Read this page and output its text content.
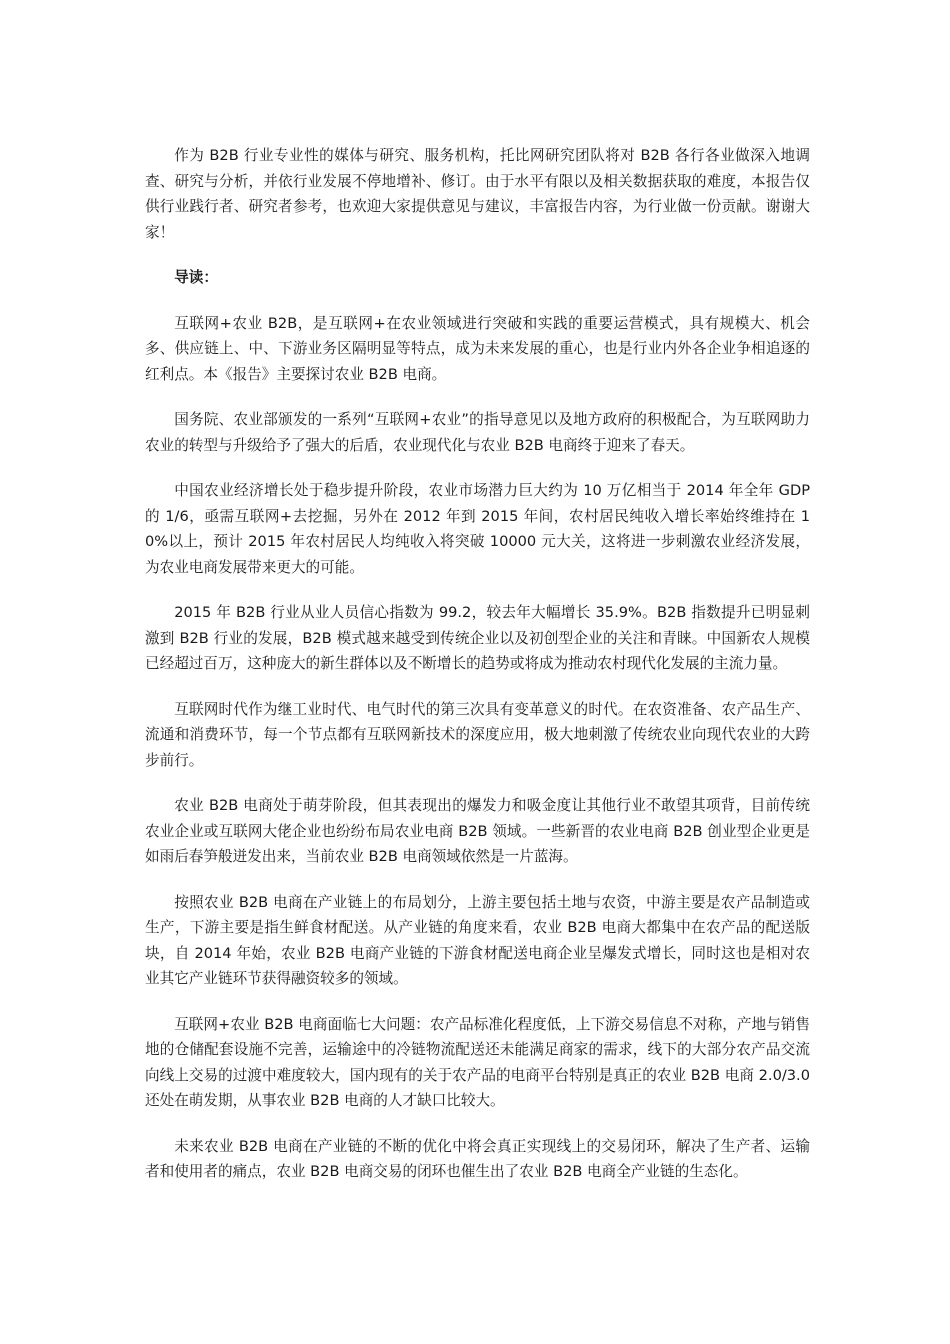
作为 B2B 行业专业性的媒体与研究、服务机构，托比网研究团队将对 B2B 各行各业做深入地调查、研究与分析，并依行业发展不停地增补、修订。由于水平有限以及相关数据获取的难度，本报告仅供行业践行者、研究者参考，也欢迎大家提供意见与建议，丰富报告内容，为行业做一份贡献。谢谢大家！

导读：

互联网+农业 B2B，是互联网+在农业领域进行突破和实践的重要运营模式，具有规模大、机会多、供应链上、中、下游业务区隔明显等特点，成为未来发展的重心，也是行业内外各企业争相追逐的红利点。本《报告》主要探讨农业 B2B 电商。

国务院、农业部颁发的一系列“互联网+农业”的指导意见以及地方政府的积极配合，为互联网助力农业的转型与升级给予了强大的后盾，农业现代化与农业 B2B 电商终于迎来了春天。

中国农业经济增长处于稳步提升阶段，农业市场潜力巨大约为 10 万亿相当于 2014 年全年 GDP 的 1/6，亟需互联网+去挖掘，另外在 2012 年到 2015 年间，农村居民纯收入增长率始终维持在 10%以上，预计 2015 年农村居民人均纯收入将突破 10000 元大关，这将进一步刺激农业经济发展，为农业电商发展带来更大的可能。

2015 年 B2B 行业从业人员信心指数为 99.2，较去年大幅增长 35.9%。B2B 指数提升已明显刺激到 B2B 行业的发展，B2B 模式越来越受到传统企业以及初创型企业的关注和青睐。中国新农人规模已经超过百万，这种庞大的新生群体以及不断增长的趋势或将成为推动农村现代化发展的主流力量。

互联网时代作为继工业时代、电气时代的第三次具有变革意义的时代。在农资准备、农产品生产、流通和消费环节，每一个节点都有互联网新技术的深度应用，极大地刺激了传统农业向现代农业的大跨步前行。

农业 B2B 电商处于萌芽阶段，但其表现出的爆发力和吸金度让其他行业不敢望其项背，目前传统农业企业或互联网大佬企业也纷纷布局农业电商 B2B 领域。一些新晋的农业电商 B2B 创业型企业更是如雨后春笋般迸发出来，当前农业 B2B 电商领域依然是一片蓝海。

按照农业 B2B 电商在产业链上的布局划分，上游主要包括土地与农资，中游主要是农产品制造或生产，下游主要是指生鲜食材配送。从产业链的角度来看，农业 B2B 电商大都集中在农产品的配送版块，自 2014 年始，农业 B2B 电商产业链的下游食材配送电商企业呈爆发式增长，同时这也是相对农业其它产业链环节获得融资较多的领域。

互联网+农业 B2B 电商面临七大问题：农产品标准化程度低，上下游交易信息不对称，产地与销售地的仓储配套设施不完善，运输途中的冷链物流配送还未能满足商家的需求，线下的大部分农产品交流向线上交易的过渡中难度较大，国内现有的关于农产品的电商平台特别是真正的农业 B2B 电商 2.0/3.0 还处在萌发期，从事农业 B2B 电商的人才缺口比较大。

未来农业 B2B 电商在产业链的不断的优化中将会真正实现线上的交易闭环，解决了生产者、运输者和使用者的痛点，农业 B2B 电商交易的闭环也催生出了农业 B2B 电商全产业链的生态化。
